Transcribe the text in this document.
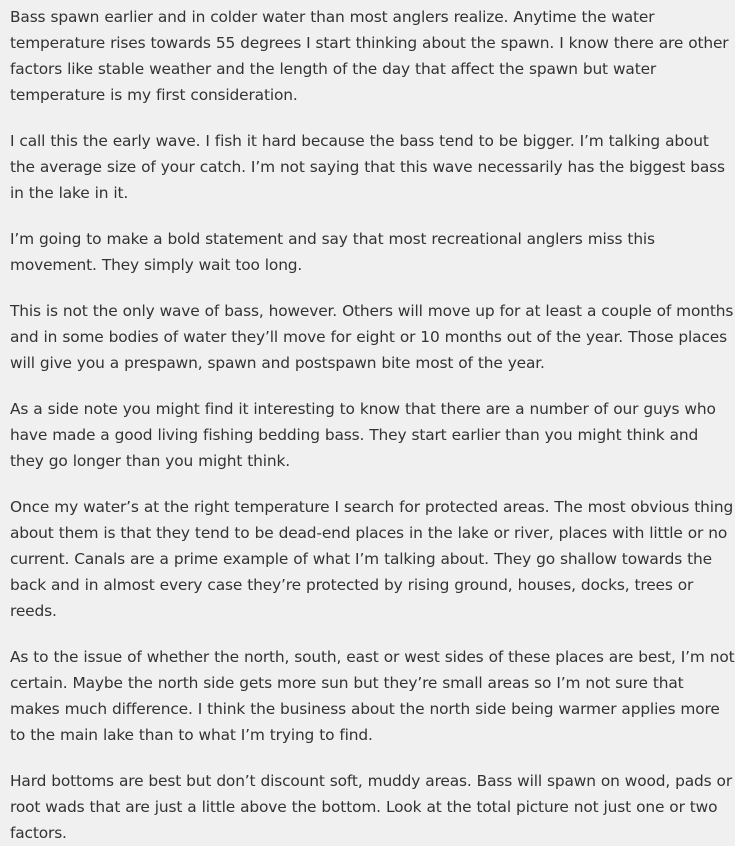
Bass spawn earlier and in colder water than most anglers realize. Anytime the water temperature rises towards 55 degrees I start thinking about the spawn. I know there are other factors like stable weather and the length of the day that affect the spawn but water temperature is my first consideration.

I call this the early wave. I fish it hard because the bass tend to be bigger. I’m talking about the average size of your catch. I’m not saying that this wave necessarily has the biggest bass in the lake in it.

I’m going to make a bold statement and say that most recreational anglers miss this movement. They simply wait too long.

This is not the only wave of bass, however. Others will move up for at least a couple of months and in some bodies of water they’ll move for eight or 10 months out of the year. Those places will give you a prespawn, spawn and postspawn bite most of the year.

As a side note you might find it interesting to know that there are a number of our guys who have made a good living fishing bedding bass. They start earlier than you might think and they go longer than you might think.

Once my water’s at the right temperature I search for protected areas. The most obvious thing about them is that they tend to be dead-end places in the lake or river, places with little or no current. Canals are a prime example of what I’m talking about. They go shallow towards the back and in almost every case they’re protected by rising ground, houses, docks, trees or reeds.

As to the issue of whether the north, south, east or west sides of these places are best, I’m not certain. Maybe the north side gets more sun but they’re small areas so I’m not sure that makes much difference. I think the business about the north side being warmer applies more to the main lake than to what I’m trying to find.

Hard bottoms are best but don’t discount soft, muddy areas. Bass will spawn on wood, pads or root wads that are just a little above the bottom. Look at the total picture not just one or two factors.
